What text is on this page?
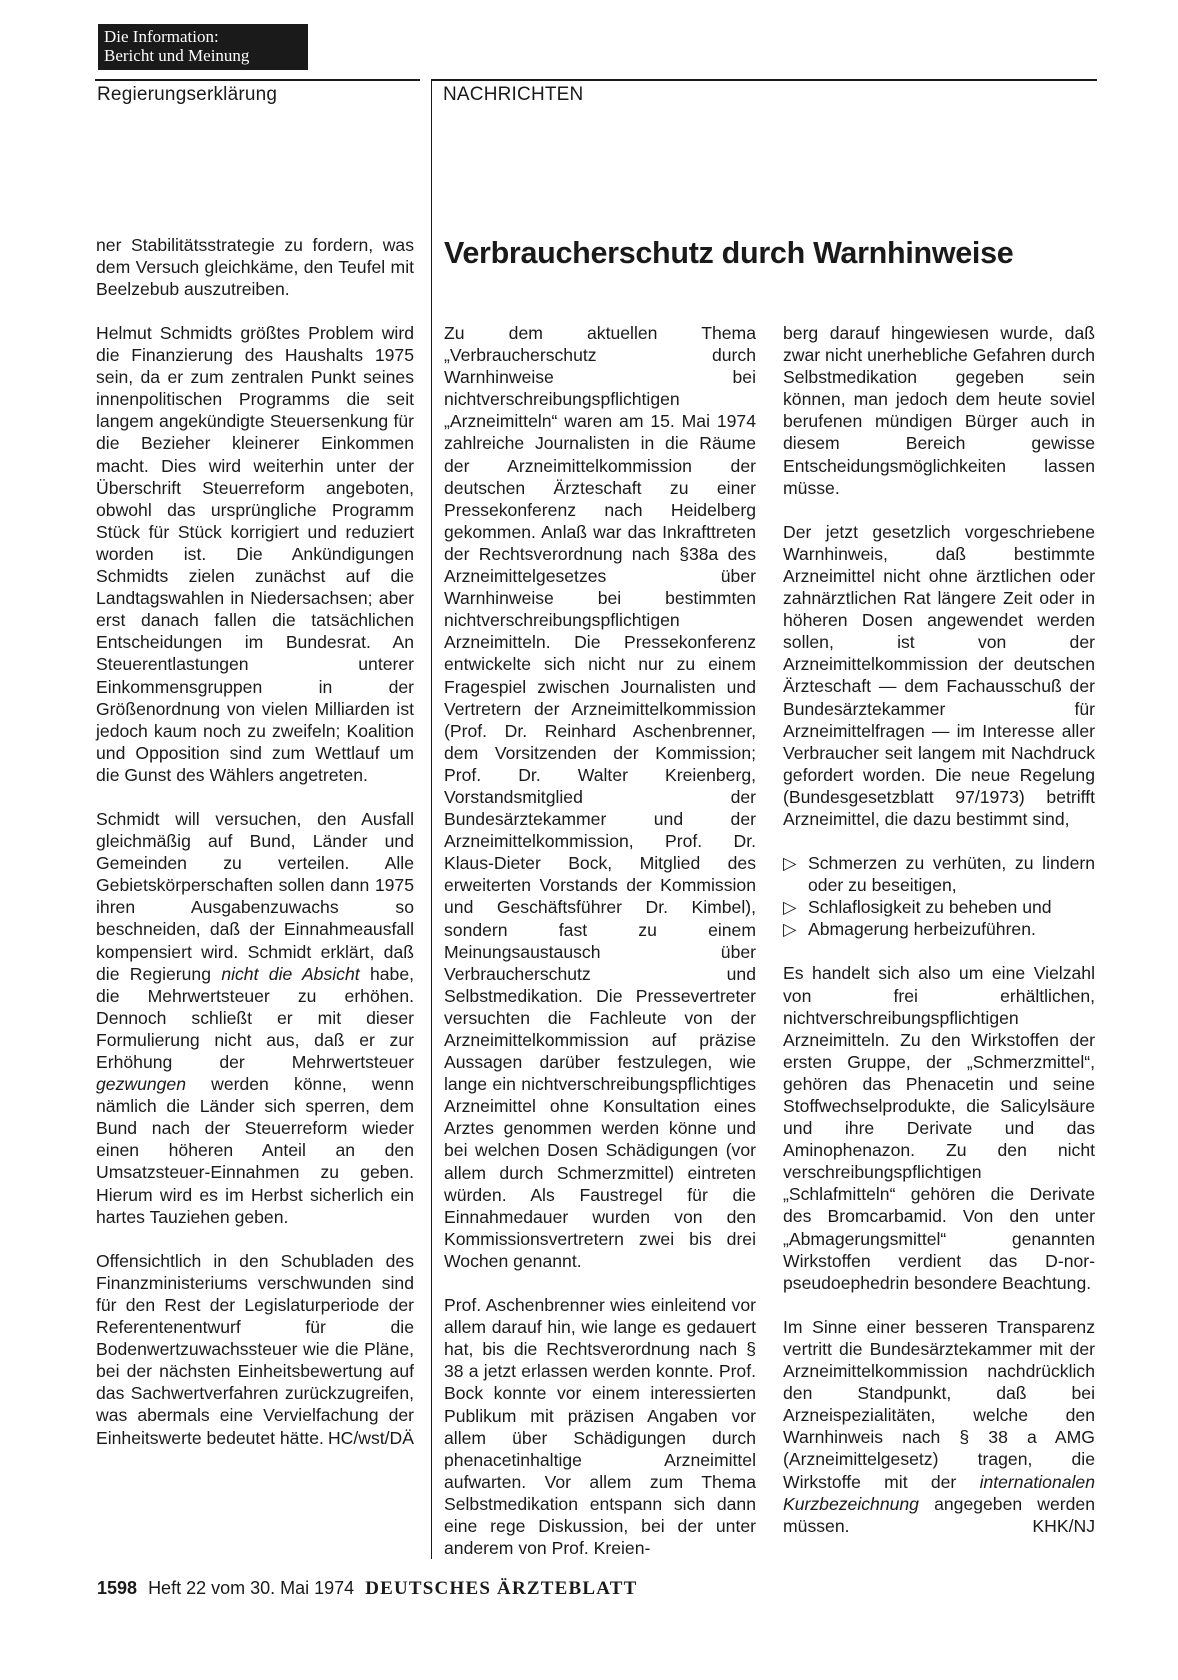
Die Information:
Bericht und Meinung
Regierungserklärung	NACHRICHTEN
Verbraucherschutz durch Warnhinweise

ner Stabilitätsstrategie zu fordern, was dem Versuch gleichkäme, den Teufel mit Beelzebub auszutreiben.

Helmut Schmidts größtes Problem wird die Finanzierung des Haushalts 1975 sein, da er zum zentralen Punkt seines innenpolitischen Programms die seit langem angekündigte Steuersenkung für die Bezieher kleinerer Einkommen macht. Dies wird weiterhin unter der Überschrift Steuerreform angeboten, obwohl das ursprüngliche Programm Stück für Stück korrigiert und reduziert worden ist. Die Ankündigungen Schmidts zielen zunächst auf die Landtagswahlen in Niedersachsen; aber erst danach fallen die tatsächlichen Entscheidungen im Bundesrat. An Steuerentlastungen unterer Einkommensgruppen in der Größenordnung von vielen Milliarden ist jedoch kaum noch zu zweifeln; Koalition und Opposition sind zum Wettlauf um die Gunst des Wählers angetreten.

Schmidt will versuchen, den Ausfall gleichmäßig auf Bund, Länder und Gemeinden zu verteilen. Alle Gebietskörperschaften sollen dann 1975 ihren Ausgabenzuwachs so beschneiden, daß der Einnahmeausfall kompensiert wird. Schmidt erklärt, daß die Regierung nicht die Absicht habe, die Mehrwertsteuer zu erhöhen. Dennoch schließt er mit dieser Formulierung nicht aus, daß er zur Erhöhung der Mehrwertsteuer gezwungen werden könne, wenn nämlich die Länder sich sperren, dem Bund nach der Steuerreform wieder einen höheren Anteil an den Umsatzsteuer-Einnahmen zu geben. Hierum wird es im Herbst sicherlich ein hartes Tauziehen geben.

Offensichtlich in den Schubladen des Finanzministeriums verschwunden sind für den Rest der Legislaturperiode der Referentenentwurf für die Bodenwertzuwachssteuer wie die Pläne, bei der nächsten Einheitsbewertung auf das Sachwertverfahren zurückzugreifen, was abermals eine Vervielfachung der Einheitswerte bedeutet hätte. HC/wst/DÄ

Zu dem aktuellen Thema „Verbraucherschutz durch Warnhinweise bei nichtverschreibungspflichtigen „Arzneimitteln“ waren am 15. Mai 1974 zahlreiche Journalisten in die Räume der Arzneimittelkommission der deutschen Ärzteschaft zu einer Pressekonferenz nach Heidelberg gekommen. Anlaß war das Inkrafttreten der Rechtsverordnung nach §38a des Arzneimittelgesetzes über Warnhinweise bei bestimmten nichtverschreibungspflichtigen Arzneimitteln. Die Pressekonferenz entwickelte sich nicht nur zu einem Fragespiel zwischen Journalisten und Vertretern der Arzneimittelkommission (Prof. Dr. Reinhard Aschenbrenner, dem Vorsitzenden der Kommission; Prof. Dr. Walter Kreienberg, Vorstandsmitglied der Bundesärztekammer und der Arzneimittelkommission, Prof. Dr. Klaus-Dieter Bock, Mitglied des erweiterten Vorstands der Kommission und Geschäftsführer Dr. Kimbel), sondern fast zu einem Meinungsaustausch über Verbraucherschutz und Selbstmedikation. Die Pressevertreter versuchten die Fachleute von der Arzneimittelkommission auf präzise Aussagen darüber festzulegen, wie lange ein nichtverschreibungspflichtiges Arzneimittel ohne Konsultation eines Arztes genommen werden könne und bei welchen Dosen Schädigungen (vor allem durch Schmerzmittel) eintreten würden. Als Faustregel für die Einnahmedauer wurden von den Kommissionsvertretern zwei bis drei Wochen genannt.

Prof. Aschenbrenner wies einleitend vor allem darauf hin, wie lange es gedauert hat, bis die Rechtsverordnung nach § 38 a jetzt erlassen werden konnte. Prof. Bock konnte vor einem interessierten Publikum mit präzisen Angaben vor allem über Schädigungen durch phenacetinhaltige Arzneimittel aufwarten. Vor allem zum Thema Selbstmedikation entspann sich dann eine rege Diskussion, bei der unter anderem von Prof. Kreien-

berg darauf hingewiesen wurde, daß zwar nicht unerhebliche Gefahren durch Selbstmedikation gegeben sein können, man jedoch dem heute soviel berufenen mündigen Bürger auch in diesem Bereich gewisse Entscheidungsmöglichkeiten lassen müsse.

Der jetzt gesetzlich vorgeschriebene Warnhinweis, daß bestimmte Arzneimittel nicht ohne ärztlichen oder zahnärztlichen Rat längere Zeit oder in höheren Dosen angewendet werden sollen, ist von der Arzneimittelkommission der deutschen Ärzteschaft — dem Fachausschuß der Bundesärztekammer für Arzneimittelfragen — im Interesse aller Verbraucher seit langem mit Nachdruck gefordert worden. Die neue Regelung (Bundesgesetzblatt 97/1973) betrifft Arzneimittel, die dazu bestimmt sind,

▷ Schmerzen zu verhüten, zu lindern oder zu beseitigen,
▷ Schlaflosigkeit zu beheben und
▷ Abmagerung herbeizuführen.

Es handelt sich also um eine Vielzahl von frei erhältlichen, nichtverschreibungspflichtigen Arzneimitteln. Zu den Wirkstoffen der ersten Gruppe, der „Schmerzmittel“, gehören das Phenacetin und seine Stoffwechselprodukte, die Salicylsäure und ihre Derivate und das Aminophenazon. Zu den nicht verschreibungspflichtigen „Schlafmitteln“ gehören die Derivate des Bromcarbamid. Von den unter „Abmagerungsmittel“ genannten Wirkstoffen verdient das D-nor-pseudoephedrin besondere Beachtung.

Im Sinne einer besseren Transparenz vertritt die Bundesärztekammer mit der Arzneimittelkommission nachdrücklich den Standpunkt, daß bei Arzneispezialitäten, welche den Warnhinweis nach § 38 a AMG (Arzneimittelgesetz) tragen, die Wirkstoffe mit der internationalen Kurzbezeichnung angegeben werden müssen.	KHK/NJ

1598 Heft 22 vom 30. Mai 1974 DEUTSCHES ÄRZTEBLATT
